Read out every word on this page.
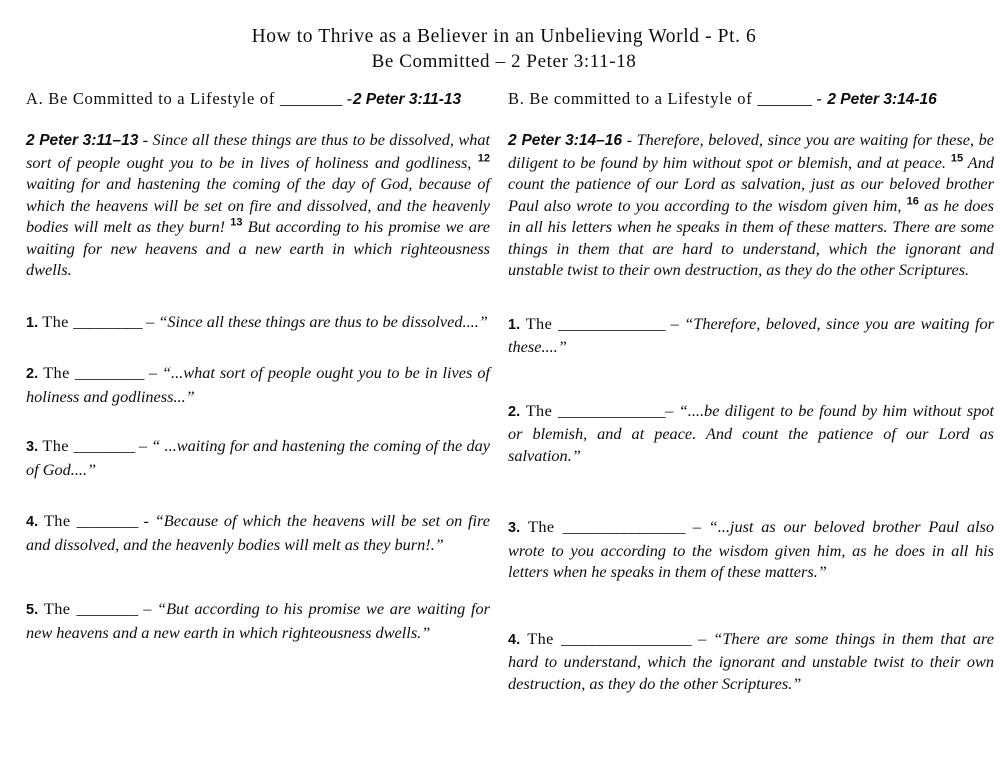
How to Thrive as a Believer in an Unbelieving World - Pt. 6
Be Committed – 2 Peter 3:11-18
A. Be Committed to a Lifestyle of ________ -2 Peter 3:11-13
2 Peter 3:11–13 - Since all these things are thus to be dissolved, what sort of people ought you to be in lives of holiness and godliness, $^{12}$ waiting for and hastening the coming of the day of God, because of which the heavens will be set on fire and dissolved, and the heavenly bodies will melt as they burn! $^{13}$ But according to his promise we are waiting for new heavens and a new earth in which righteousness dwells.
1. The _________ – “Since all these things are thus to be dissolved....”
2. The _________ – “...what sort of people ought you to be in lives of holiness and godliness...”
3. The ________ – “ ...waiting for and hastening the coming of the day of God....”
4. The ________ - “Because of which the heavens will be set on fire and dissolved, and the heavenly bodies will melt as they burn!.”
5. The ________ – “But according to his promise we are waiting for new heavens and a new earth in which righteousness dwells.”
B. Be committed to a Lifestyle of _______ - 2 Peter 3:14-16
2 Peter 3:14–16 - Therefore, beloved, since you are waiting for these, be diligent to be found by him without spot or blemish, and at peace. $^{15}$ And count the patience of our Lord as salvation, just as our beloved brother Paul also wrote to you according to the wisdom given him, $^{16}$ as he does in all his letters when he speaks in them of these matters. There are some things in them that are hard to understand, which the ignorant and unstable twist to their own destruction, as they do the other Scriptures.
1. The ______________ – “Therefore, beloved, since you are waiting for these....”
2. The ______________– “....be diligent to be found by him without spot or blemish, and at peace. And count the patience of our Lord as salvation.”
3. The ________________ – “...just as our beloved brother Paul also wrote to you according to the wisdom given him, as he does in all his letters when he speaks in them of these matters.”
4. The _________________ – “There are some things in them that are hard to understand, which the ignorant and unstable twist to their own destruction, as they do the other Scriptures.”
